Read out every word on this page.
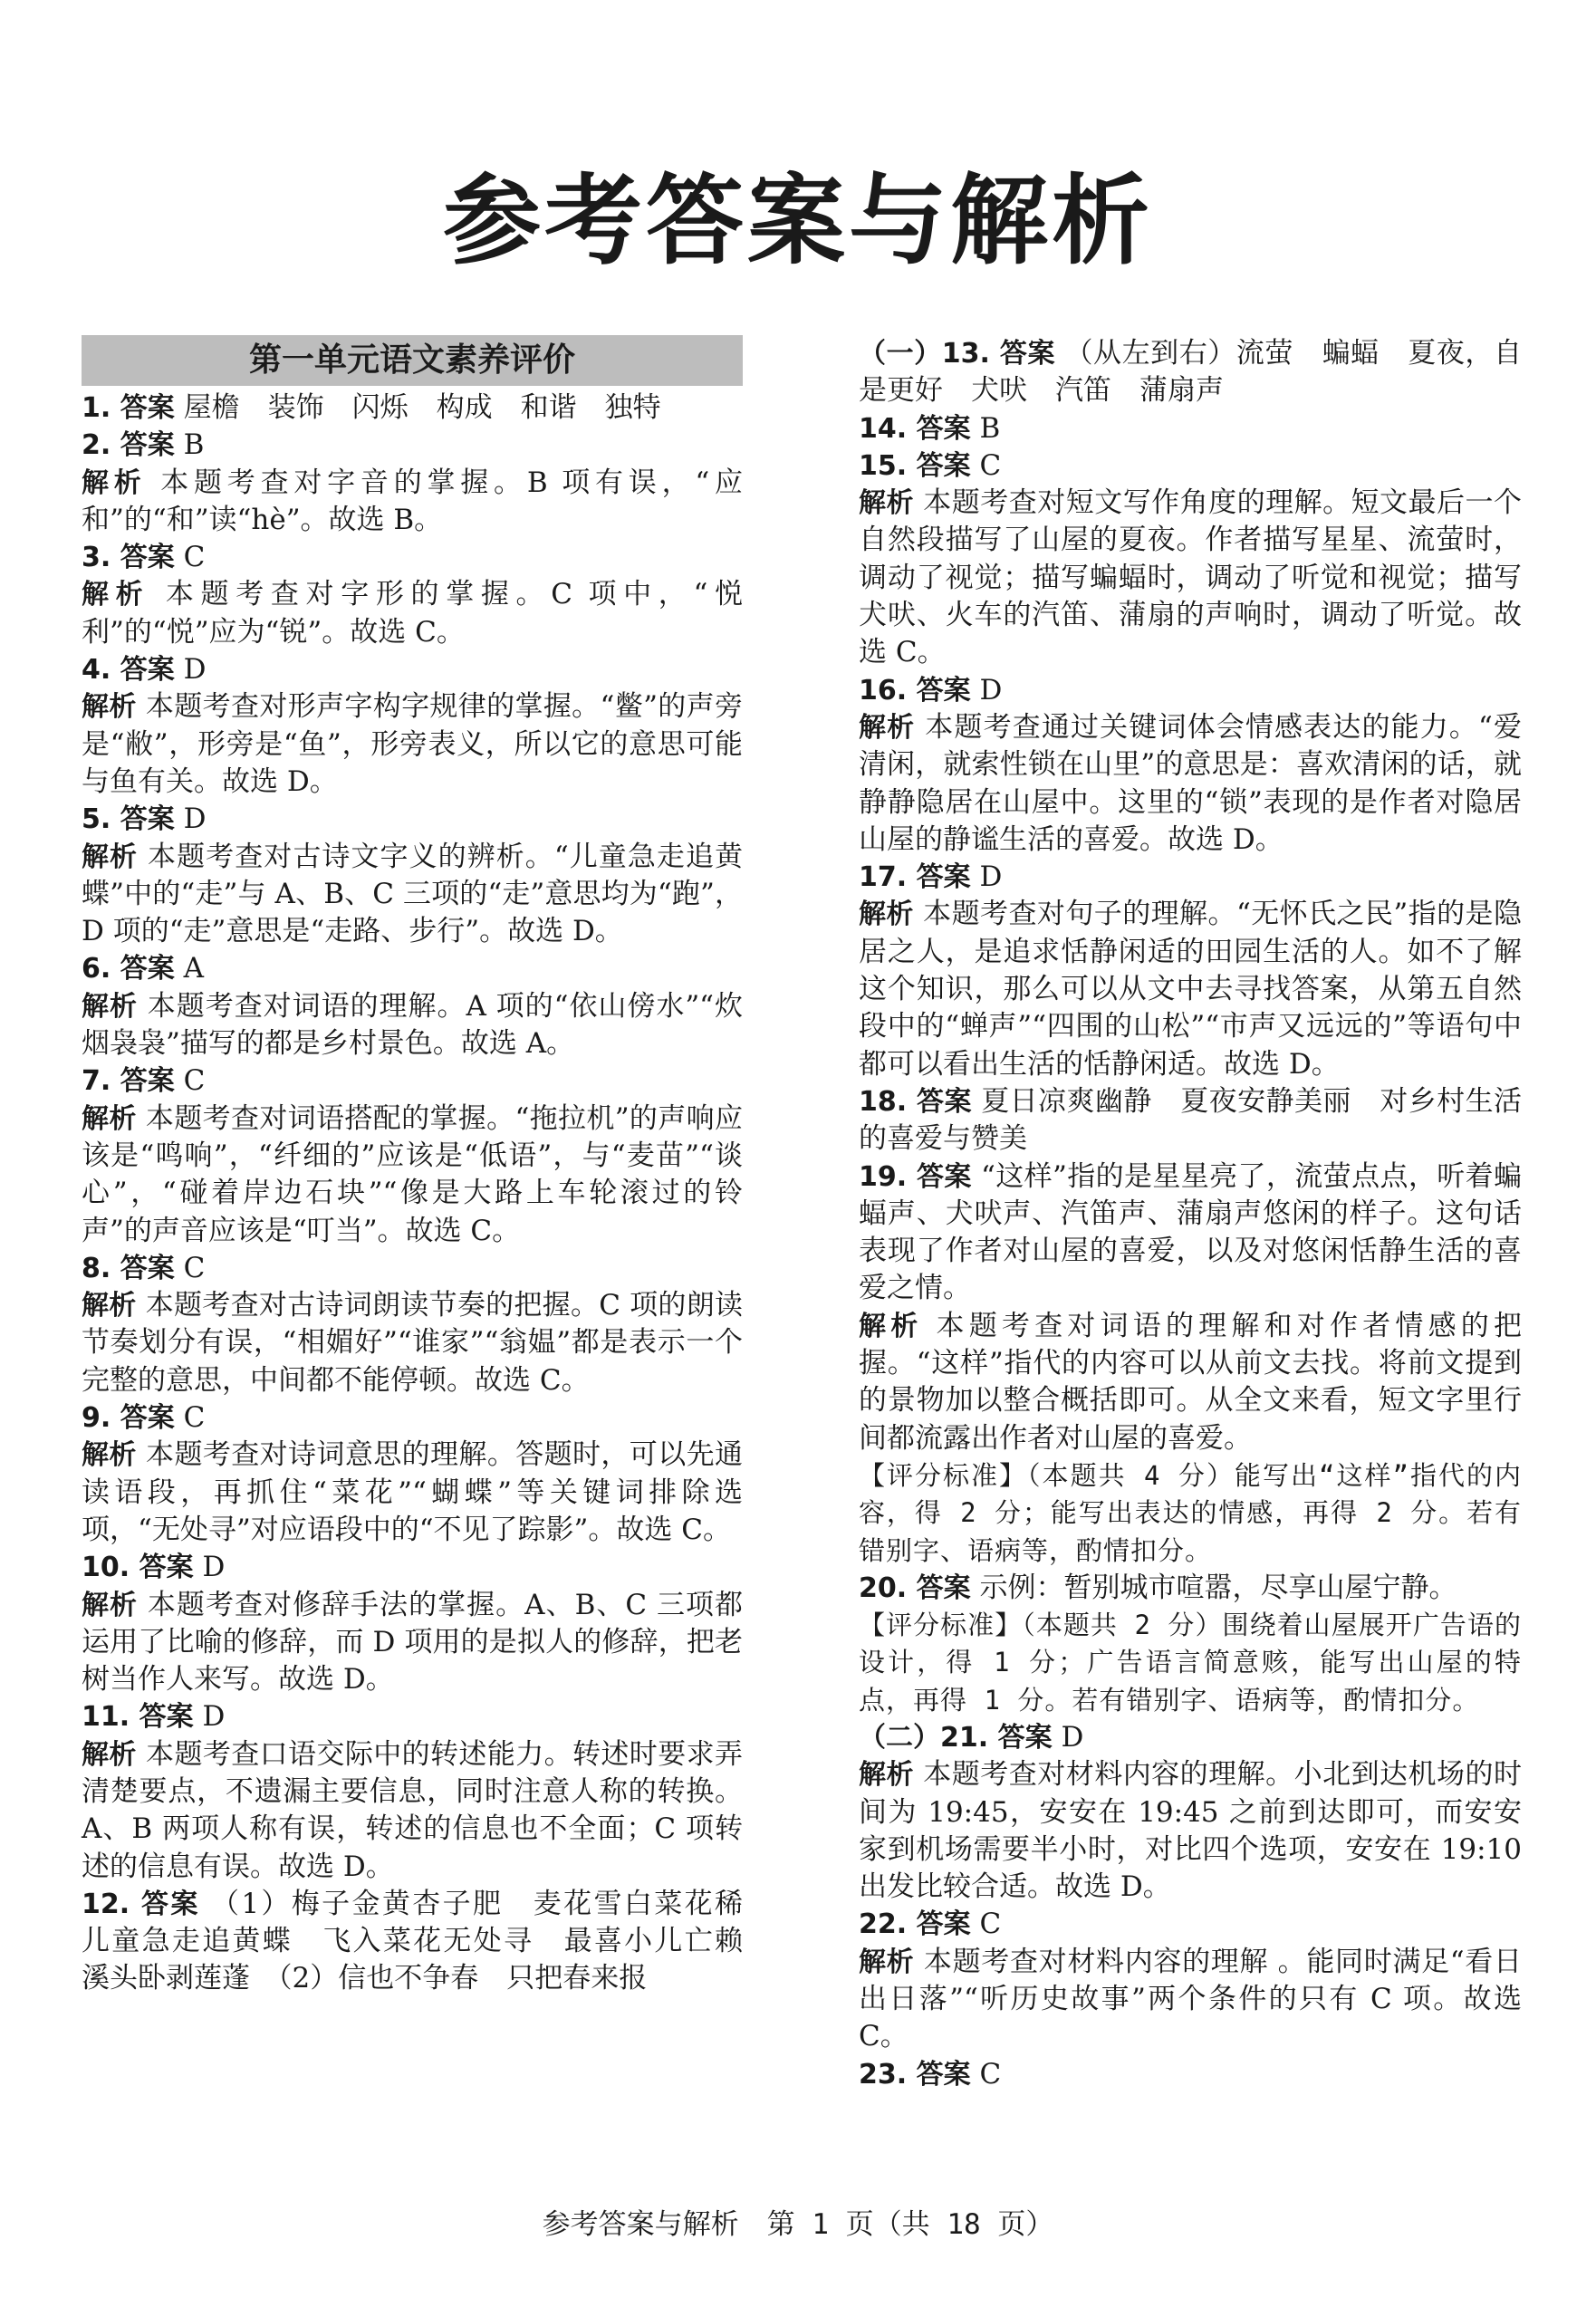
参考答案与解析
第一单元语文素养评价
1. 答案 屋檐　装饰　闪烁　构成　和谐　独特
2. 答案 B
解析 本题考查对字音的掌握。B 项有误，“应和”的“和”读“hè”。故选 B。
3. 答案 C
解析 本题考查对字形的掌握。C 项中，“悦利”的“悦”应为“锐”。故选 C。
4. 答案 D
解析 本题考查对形声字构字规律的掌握。“鳖”的声旁是“敝”，形旁是“鱼”，形旁表义，所以它的意思可能与鱼有关。故选 D。
5. 答案 D
解析 本题考查对古诗文字义的辨析。“儿童急走追黄蝶”中的“走”与 A、B、C 三项的“走”意思均为“跑”，D 项的“走”意思是“走路、步行”。故选 D。
6. 答案 A
解析 本题考查对词语的理解。A 项的“依山傍水”“炊烟袅袅”描写的都是乡村景色。故选 A。
7. 答案 C
解析 本题考查对词语搭配的掌握。“拖拉机”的声响应该是“鸣响”，“纤细的”应该是“低语”，与“麦苗”“谈心”，“碰着岸边石块”“像是大路上车轮滚过的铃声”的声音应该是“叮当”。故选 C。
8. 答案 C
解析 本题考查对古诗词朗读节奏的把握。C 项的朗读节奏划分有误，“相媚好”“谁家”“翁媪”都是表示一个完整的意思，中间都不能停顿。故选 C。
9. 答案 C
解析 本题考查对诗词意思的理解。答题时，可以先通读语段，再抓住“菜花”“蝴蝶”等关键词排除选项，“无处寻”对应语段中的“不见了踪影”。故选 C。
10. 答案 D
解析 本题考查对修辞手法的掌握。A、B、C 三项都运用了比喻的修辞，而 D 项用的是拟人的修辞，把老树当作人来写。故选 D。
11. 答案 D
解析 本题考查口语交际中的转述能力。转述时要求弄清楚要点，不遗漏主要信息，同时注意人称的转换。A、B 两项人称有误，转述的信息也不全面；C 项转述的信息有误。故选 D。
12. 答案 （1）梅子金黄杏子肥　麦花雪白菜花稀　儿童急走追黄蝶　飞入菜花无处寻　最喜小儿亡赖　溪头卧剥莲蓬　（2）信也不争春　只把春来报
（一）13. 答案 （从左到右）流萤　蝙蝠　夏夜，自是更好　犬吠　汽笛　蒲扇声
14. 答案 B
15. 答案 C
解析 本题考查对短文写作角度的理解。短文最后一个自然段描写了山屋的夏夜。作者描写星星、流萤时，调动了视觉；描写蝙蝠时，调动了听觉和视觉；描写犬吠、火车的汽笛、蒲扇的声响时，调动了听觉。故选 C。
16. 答案 D
解析 本题考查通过关键词体会情感表达的能力。“爱清闲，就索性锁在山里”的意思是：喜欢清闲的话，就静静隐居在山屋中。这里的“锁”表现的是作者对隐居山屋的静谧生活的喜爱。故选 D。
17. 答案 D
解析 本题考查对句子的理解。“无怀氏之民”指的是隐居之人，是追求恬静闲适的田园生活的人。如不了解这个知识，那么可以从文中去寻找答案，从第五自然段中的“蝉声”“四围的山松”“市声又远远的”等语句中都可以看出生活的恬静闲适。故选 D。
18. 答案 夏日凉爽幽静　夏夜安静美丽　对乡村生活的喜爱与赞美
19. 答案 “这样”指的是星星亮了，流萤点点，听着蝙蝠声、犬吠声、汽笛声、蒲扇声悠闲的样子。这句话表现了作者对山屋的喜爱，以及对悠闲恬静生活的喜爱之情。
解析 本题考查对词语的理解和对作者情感的把握。“这样”指代的内容可以从前文去找。将前文提到的景物加以整合概括即可。从全文来看，短文字里行间都流露出作者对山屋的喜爱。
【评分标准】（本题共 4 分）能写出“这样”指代的内容，得 2 分；能写出表达的情感，再得 2 分。若有错别字、语病等，酌情扣分。
20. 答案 示例：暂别城市喧嚣，尽享山屋宁静。
【评分标准】（本题共 2 分）围绕着山屋展开广告语的设计，得 1 分；广告语言简意赅，能写出山屋的特点，再得 1 分。若有错别字、语病等，酌情扣分。
（二）21. 答案 D
解析 本题考查对材料内容的理解。小北到达机场的时间为 19:45，安安在 19:45 之前到达即可，而安安家到机场需要半小时，对比四个选项，安安在 19:10 出发比较合适。故选 D。
22. 答案 C
解析 本题考查对材料内容的理解 。能同时满足“看日出日落”“听历史故事”两个条件的只有 C 项。故选 C。
23. 答案 C
参考答案与解析　第 1 页（共 18 页）
